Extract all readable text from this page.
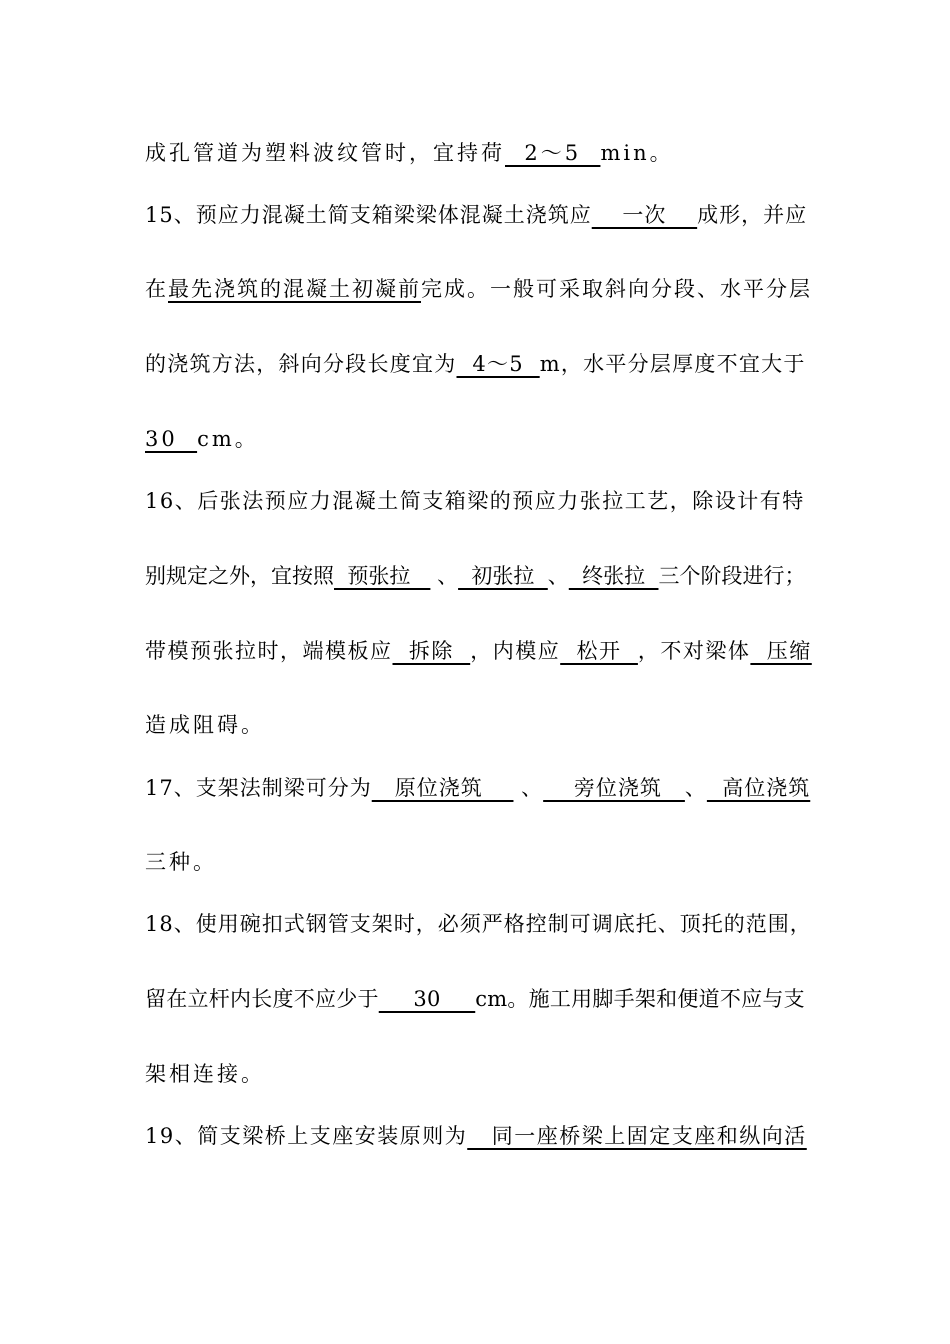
成孔管道为塑料波纹管时，宜持荷  2～5  min。
15、预应力混凝土简支箱梁梁体混凝土浇筑应    一次    成形，并应
在最先浇筑的混凝土初凝前完成。一般可采取斜向分段、水平分层
的浇筑方法，斜向分段长度宜为  4～5  m，水平分层厚度不宜大于
30  cm。
16、后张法预应力混凝土简支箱梁的预应力张拉工艺，除设计有特
别规定之外，宜按照  预张拉    、  初张拉  、  终张拉  三个阶段进行；
带模预张拉时，端模板应  拆除  ，内模应  松开  ，不对梁体  压缩
造成阻碍。
17、支架法制梁可分为   原位浇筑     、    旁位浇筑   、  高位浇筑
三种。
18、使用碗扣式钢管支架时，必须严格控制可调底托、顶托的范围，
留在立杆内长度不应少于     30     cm。施工用脚手架和便道不应与支
架相连接。
19、简支梁桥上支座安装原则为   同一座桥梁上固定支座和纵向活
